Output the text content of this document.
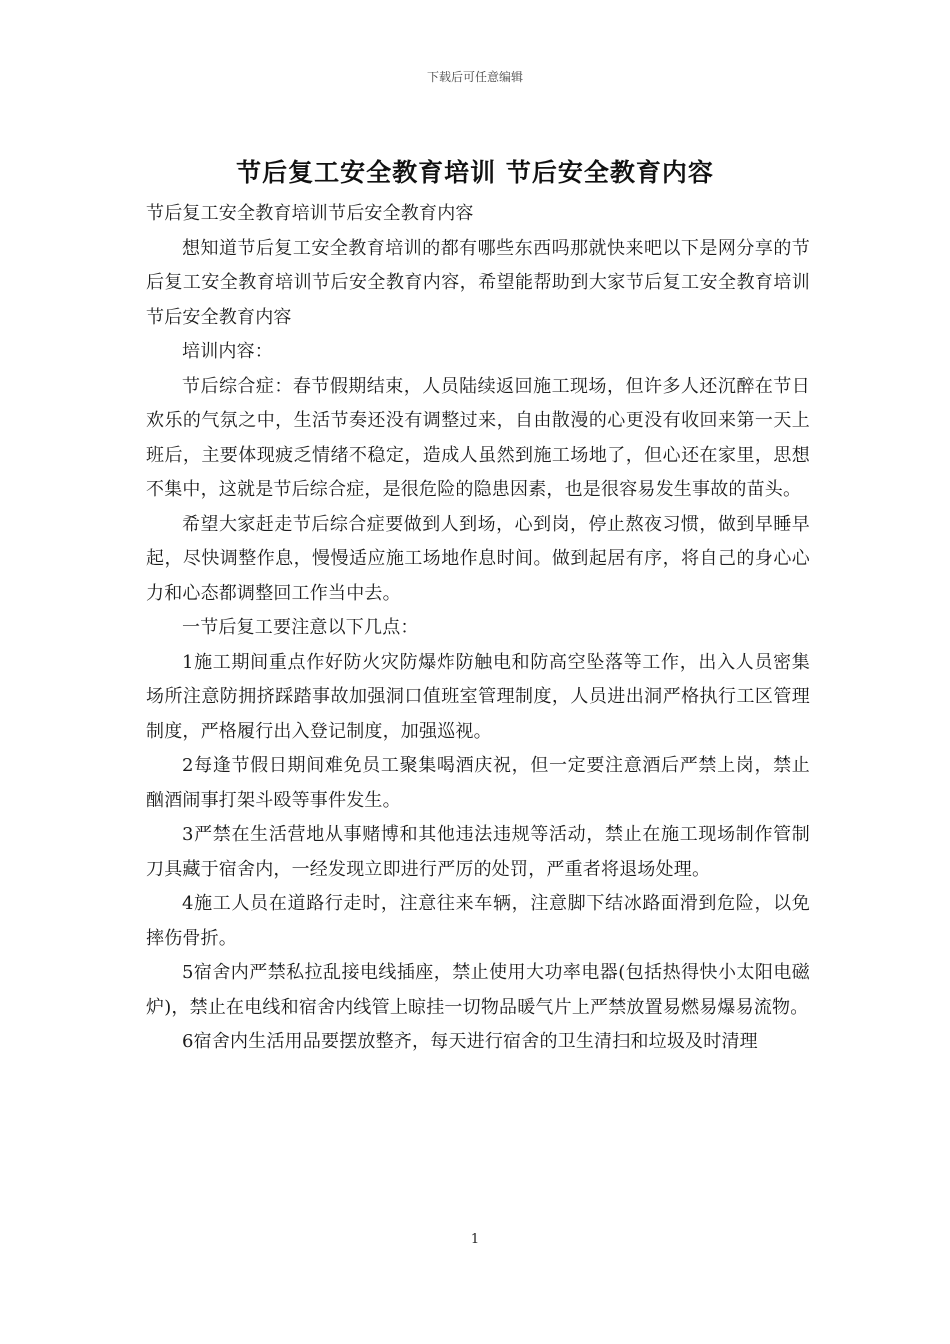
下载后可任意编辑
节后复工安全教育培训 节后安全教育内容

节后复工安全教育培训节后安全教育内容

想知道节后复工安全教育培训的都有哪些东西吗那就快来吧以下是网分享的节后复工安全教育培训节后安全教育内容，希望能帮助到大家节后复工安全教育培训节后安全教育内容

培训内容：

节后综合症：春节假期结束，人员陆续返回施工现场，但许多人还沉醉在节日欢乐的气氛之中，生活节奏还没有调整过来，自由散漫的心更没有收回来第一天上班后，主要体现疲乏情绪不稳定，造成人虽然到施工场地了，但心还在家里，思想不集中，这就是节后综合症，是很危险的隐患因素，也是很容易发生事故的苗头。

希望大家赶走节后综合症要做到人到场，心到岗，停止熬夜习惯，做到早睡早起，尽快调整作息，慢慢适应施工场地作息时间。做到起居有序，将自己的身心心力和心态都调整回工作当中去。

一节后复工要注意以下几点：

1施工期间重点作好防火灾防爆炸防触电和防高空坠落等工作，出入人员密集场所注意防拥挤踩踏事故加强洞口值班室管理制度，人员进出洞严格执行工区管理制度，严格履行出入登记制度，加强巡视。

2每逢节假日期间难免员工聚集喝酒庆祝，但一定要注意酒后严禁上岗，禁止酗酒闹事打架斗殴等事件发生。

3严禁在生活营地从事赌博和其他违法违规等活动，禁止在施工现场制作管制刀具藏于宿舍内，一经发现立即进行严厉的处罚，严重者将退场处理。

4施工人员在道路行走时，注意往来车辆，注意脚下结冰路面滑到危险，以免摔伤骨折。

5宿舍内严禁私拉乱接电线插座，禁止使用大功率电器(包括热得快小太阳电磁炉)，禁止在电线和宿舍内线管上晾挂一切物品暖气片上严禁放置易燃易爆易流物。

6宿舍内生活用品要摆放整齐，每天进行宿舍的卫生清扫和垃圾及时清理

1
